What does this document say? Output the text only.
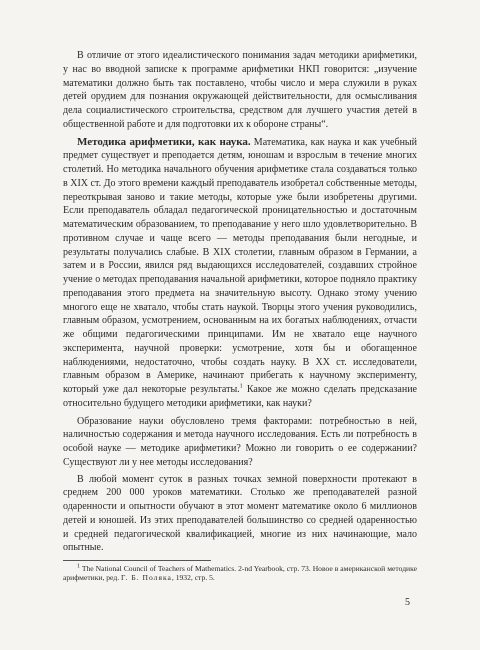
В отличие от этого идеалистического понимания задач методики арифметики, у нас во вводной записке к программе арифметики НКП говорится: „изучение математики должно быть так поставлено, чтобы число и мера служили в руках детей орудием для познания окружающей действительности, для осмысливания дела социалистического строительства, средством для лучшего участия детей в общественной работе и для подготовки их к обороне страны“.

Методика арифметики, как наука. Математика, как наука и как учебный предмет существует и преподается детям, юношам и взрослым в течение многих столетий. Но методика начального обучения арифметике стала создаваться только в XIX ст. До этого времени каждый преподаватель изобретал собственные методы, переоткрывая заново и такие методы, которые уже были изобретены другими. Если преподаватель обладал педагогической проницательностью и достаточным математическим образованием, то преподавание у него шло удовлетворительно. В противном случае и чаще всего — методы преподавания были негодные, и результаты получались слабые. В XIX столетии, главным образом в Германии, а затем и в России, явился ряд выдающихся исследователей, создавших стройное учение о методах преподавания начальной арифметики, которое подняло практику преподавания этого предмета на значительную высоту. Однако этому учению многого еще не хватало, чтобы стать наукой. Творцы этого учения руководились, главным образом, усмотрением, основанным на их богатых наблюдениях, отчасти же общими педагогическими принципами. Им не хватало еще научного эксперимента, научной проверки: усмотрение, хотя бы и обогащенное наблюдениями, недостаточно, чтобы создать науку. В XX ст. исследователи, главным образом в Америке, начинают прибегать к научному эксперименту, который уже дал некоторые результаты.$^1$ Какое же можно сделать предсказание относительно будущего методики арифметики, как науки?

Образование науки обусловлено тремя факторами: потребностью в ней, наличностью содержания и метода научного исследования. Есть ли потребность в особой науке — методике арифметики? Можно ли говорить о ее содержании? Существуют ли у нее методы исследования?

В любой момент суток в разных точках земной поверхности протекают в среднем 200 000 уроков математики. Столько же преподавателей разной одаренности и опытности обучают в этот момент математике около 6 миллионов детей и юношей. Из этих преподавателей большинство со средней одаренностью и средней педагогической квалификацией, многие из них начинающие, мало опытные.

$^1$ The National Council of Teachers of Mathematics. 2-nd Yearbook, стр. 73. Новое в американской методике арифметики, ред. Г. Б. Поляка, 1932, стр. 5.

5
